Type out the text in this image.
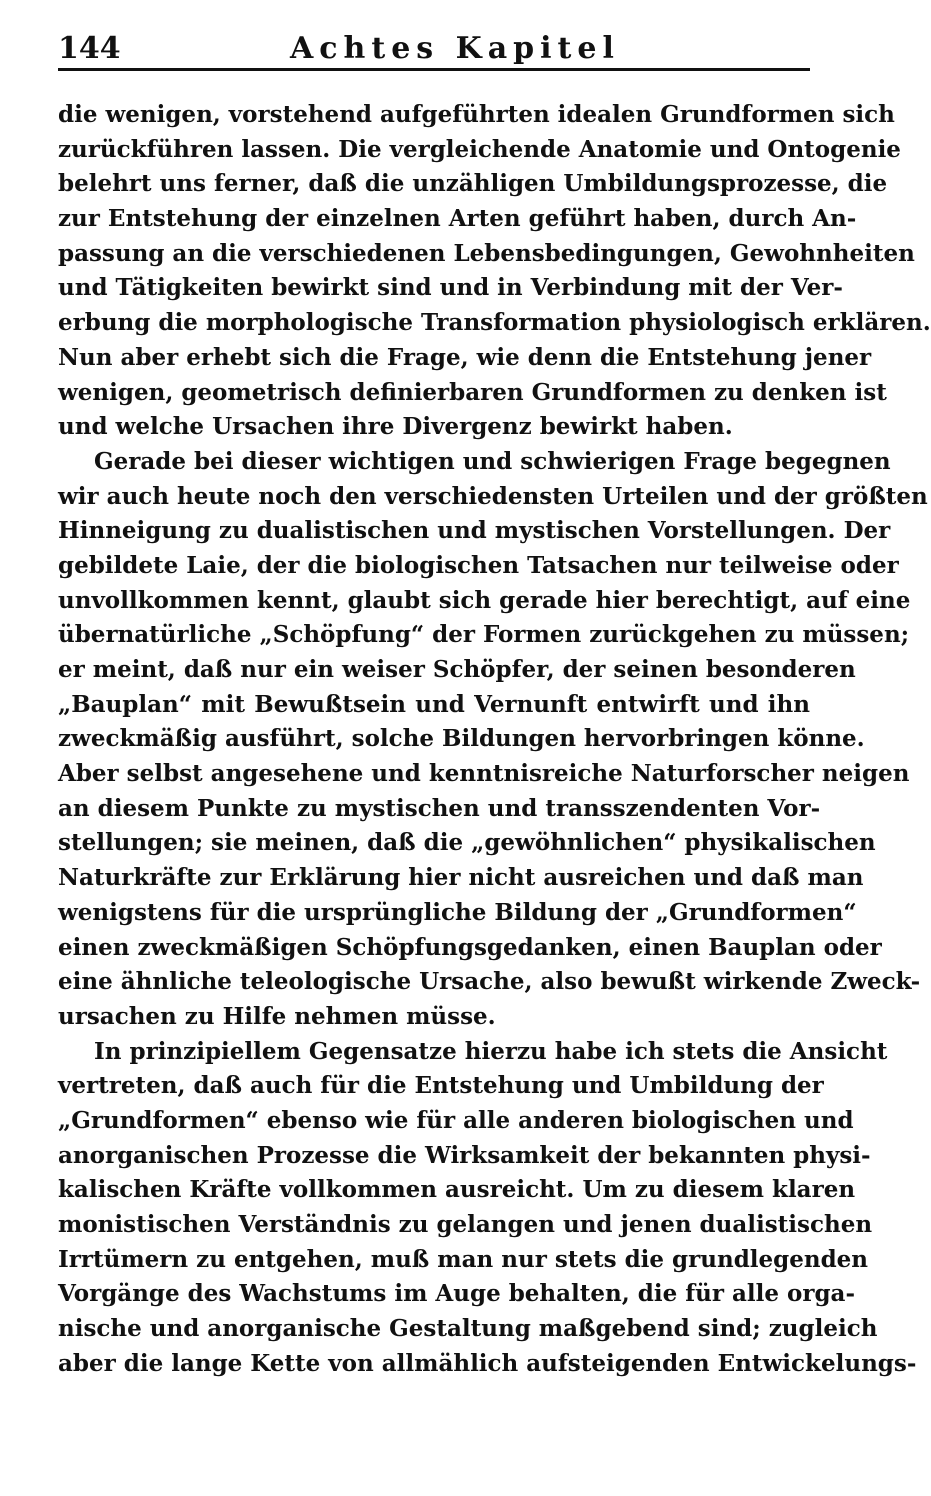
144	Achtes Kapitel
die wenigen, vorstehend aufgeführten idealen Grundformen sich
zurückführen lassen. Die vergleichende Anatomie und Ontogenie
belehrt uns ferner, daß die unzähligen Umbildungsprozesse, die
zur Entstehung der einzelnen Arten geführt haben, durch An-
passung an die verschiedenen Lebensbedingungen, Gewohnheiten
und Tätigkeiten bewirkt sind und in Verbindung mit der Ver-
erbung die morphologische Transformation physiologisch erklären.
Nun aber erhebt sich die Frage, wie denn die Entstehung jener
wenigen, geometrisch definierbaren Grundformen zu denken ist
und welche Ursachen ihre Divergenz bewirkt haben.
Gerade bei dieser wichtigen und schwierigen Frage begegnen
wir auch heute noch den verschiedensten Urteilen und der größten
Hinneigung zu dualistischen und mystischen Vorstellungen. Der
gebildete Laie, der die biologischen Tatsachen nur teilweise oder
unvollkommen kennt, glaubt sich gerade hier berechtigt, auf eine
übernatürliche „Schöpfung“ der Formen zurückgehen zu müssen;
er meint, daß nur ein weiser Schöpfer, der seinen besonderen
„Bauplan“ mit Bewußtsein und Vernunft entwirft und ihn
zweckmäßig ausführt, solche Bildungen hervorbringen könne.
Aber selbst angesehene und kenntnisreiche Naturforscher neigen
an diesem Punkte zu mystischen und transszendenten Vor-
stellungen; sie meinen, daß die „gewöhnlichen“ physikalischen
Naturkräfte zur Erklärung hier nicht ausreichen und daß man
wenigstens für die ursprüngliche Bildung der „Grundformen“
einen zweckmäßigen Schöpfungsgedanken, einen Bauplan oder
eine ähnliche teleologische Ursache, also bewußt wirkende Zweck-
ursachen zu Hilfe nehmen müsse.
In prinzipiellem Gegensatze hierzu habe ich stets die Ansicht
vertreten, daß auch für die Entstehung und Umbildung der
„Grundformen“ ebenso wie für alle anderen biologischen und
anorganischen Prozesse die Wirksamkeit der bekannten physi-
kalischen Kräfte vollkommen ausreicht. Um zu diesem klaren
monistischen Verständnis zu gelangen und jenen dualistischen
Irrtümern zu entgehen, muß man nur stets die grundlegenden
Vorgänge des Wachstums im Auge behalten, die für alle orga-
nische und anorganische Gestaltung maßgebend sind; zugleich
aber die lange Kette von allmählich aufsteigenden Entwickelungs-
